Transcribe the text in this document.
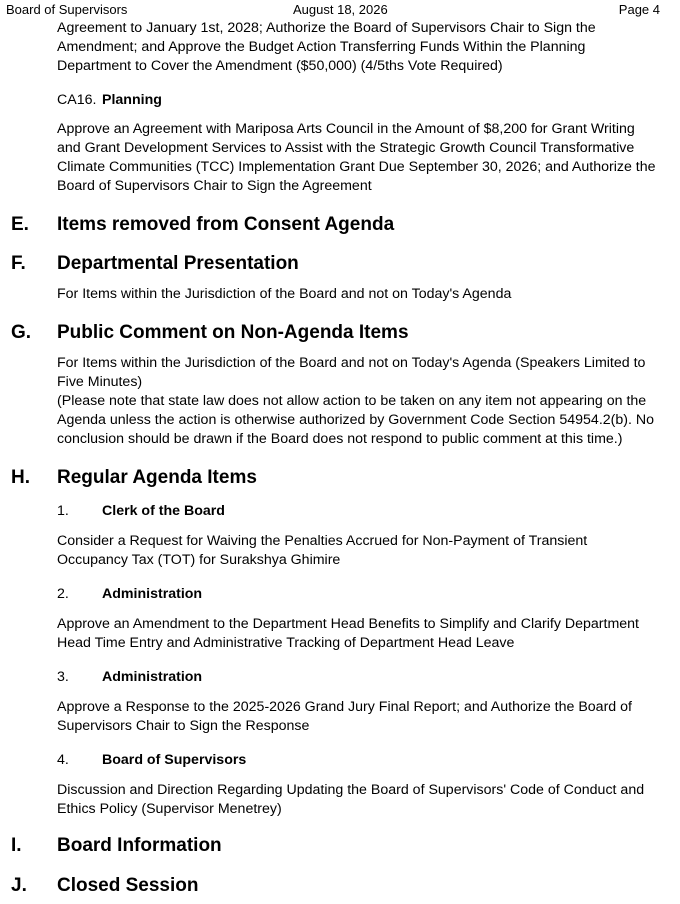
Board of Supervisors	August 18, 2026	Page 4
Agreement to January 1st, 2028; Authorize the Board of Supervisors Chair to Sign the Amendment; and Approve the Budget Action Transferring Funds Within the Planning Department to Cover the Amendment ($50,000) (4/5ths Vote Required)
CA16. Planning
Approve an Agreement with Mariposa Arts Council in the Amount of $8,200 for Grant Writing and Grant Development Services to Assist with the Strategic Growth Council Transformative Climate Communities (TCC) Implementation Grant Due September 30, 2026; and Authorize the Board of Supervisors Chair to Sign the Agreement
E. Items removed from Consent Agenda
F. Departmental Presentation
For Items within the Jurisdiction of the Board and not on Today's Agenda
G. Public Comment on Non-Agenda Items
For Items within the Jurisdiction of the Board and not on Today's Agenda (Speakers Limited to Five Minutes)
(Please note that state law does not allow action to be taken on any item not appearing on the Agenda unless the action is otherwise authorized by Government Code Section 54954.2(b). No conclusion should be drawn if the Board does not respond to public comment at this time.)
H. Regular Agenda Items
1. Clerk of the Board
Consider a Request for Waiving the Penalties Accrued for Non-Payment of Transient Occupancy Tax (TOT) for Surakshya Ghimire
2. Administration
Approve an Amendment to the Department Head Benefits to Simplify and Clarify Department Head Time Entry and Administrative Tracking of Department Head Leave
3. Administration
Approve a Response to the 2025-2026 Grand Jury Final Report; and Authorize the Board of Supervisors Chair to Sign the Response
4. Board of Supervisors
Discussion and Direction Regarding Updating the Board of Supervisors' Code of Conduct and Ethics Policy (Supervisor Menetrey)
I. Board Information
J. Closed Session
